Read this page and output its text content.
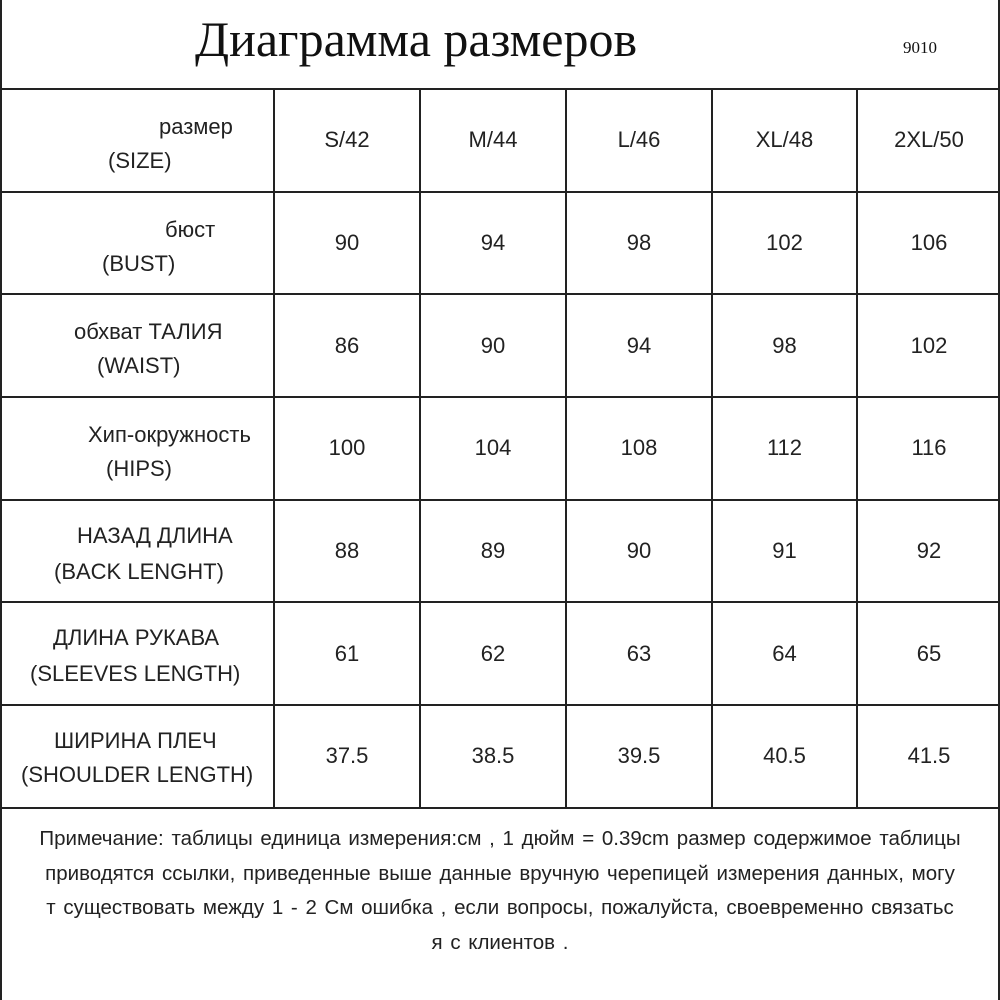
Диаграмма размеров	9010
размер
(SIZE)	S/42	M/44	L/46	XL/48	2XL/50

бюст
(BUST)	90	94	98	102	106

обхват ТАЛИЯ
(WAIST)	86	90	94	98	102

Хип-окружность
(HIPS)	100	104	108	112	116

НАЗАД ДЛИНА
(BACK LENGHT)	88	89	90	91	92

ДЛИНА РУКАВА
(SLEEVES LENGTH)	61	62	63	64	65

ШИРИНА ПЛЕЧ
(SHOULDER LENGTH)	37.5	38.5	39.5	40.5	41.5
Примечание: таблицы единица измерения:см , 1 дюйм = 0.39cm размер содержимое таблицы
приводятся ссылки, приведенные выше данные вручную черепицей измерения данных, могу
т существовать между 1 - 2 См ошибка , если вопросы, пожалуйста, своевременно связатьс
я с клиентов .
